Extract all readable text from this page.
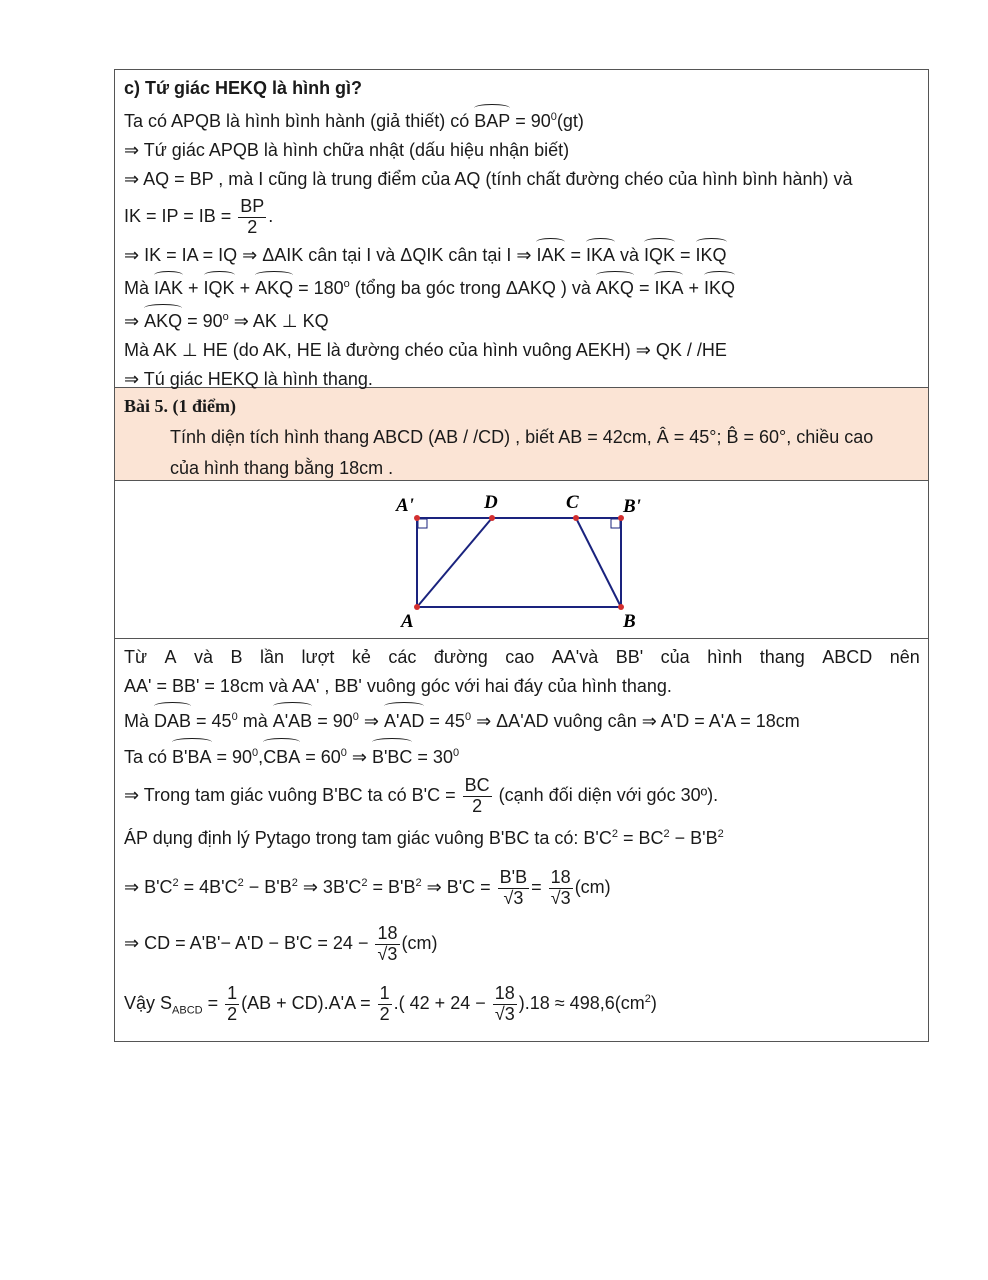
c) Tứ giác HEKQ là hình gì?
Ta có APQB là hình bình hành (giả thiết) có BAP = $90^0(gt)$
⇒ Tứ giác APQB là hình chữa nhật (dấu hiệu nhận biết)
⇒ AQ = BP , mà I cũng là trung điểm của AQ (tính chất đường chéo của hình bình hành) và
IK = IP = IB = $\frac{BP}{2}$ .
⇒ IK = IA = IQ ⇒ ΔAIK cân tại I và ΔQIK cân tại I ⇒ IAK = IKA và IQK = IKQ
Mà IAK + IQK + AKQ = $180^o$ (tổng ba góc trong ΔAKQ ) và AKQ = IKA + IKQ
⇒ AKQ = $90^o$ ⇒ AK ⊥ KQ
Mà AK ⊥ HE (do AK, HE là đường chéo của hình vuông AEKH) ⇒ QK / /HE
⇒ Tú giác HEKQ là hình thang.
Bài 5. (1 điểm)
Tính diện tích hình thang ABCD (AB / /CD) , biết AB = 42cm, Â = 45°; B̂ = 60°, chiều cao
của hình thang bằng 18cm .
A'	D	C B'
A	B
Từ A và B lần lượt kẻ các đường cao AA'và BB' của hình thang ABCD nên
AA' = BB' = 18cm và AA' , BB' vuông góc với hai đáy của hình thang.
Mà DAB = $45^0$ mà $A'AB = 90^0$ ⇒ $A'AD = 45^0$ ⇒ ΔA'AD vuông cân ⇒ A'D = A'A = 18cm
Ta có $B'BA = 90^0,CBA = 60^0$ ⇒ $B'BC = 30^0$
⇒ Trong tam giác vuông B'BC ta có $B'C = \frac{BC}{2}$ (cạnh đối diện với góc 30º).
ÁP dụng định lý Pytago trong tam giác vuông B'BC ta có: $B'C^2 = BC^2 - B'B^2$
⇒ $B'C^2 = 4B'C^2 - B'B^2$ ⇒ $3B'C^2 = B'B^2$ ⇒ $B'C = \frac{B'B}{√3} = \frac{18}{√3} (cm)$
⇒ CD = $A'B'- A'D - B'C = 24 - \frac{18}{√3} (cm)$
Vậy $S_{ABCD} = \frac{1}{2} (AB + CD).A'A = \frac{1}{2}$ .( $42 + 24 - \frac{18}{√3} ).18 \approx 498,6(cm^2)$
